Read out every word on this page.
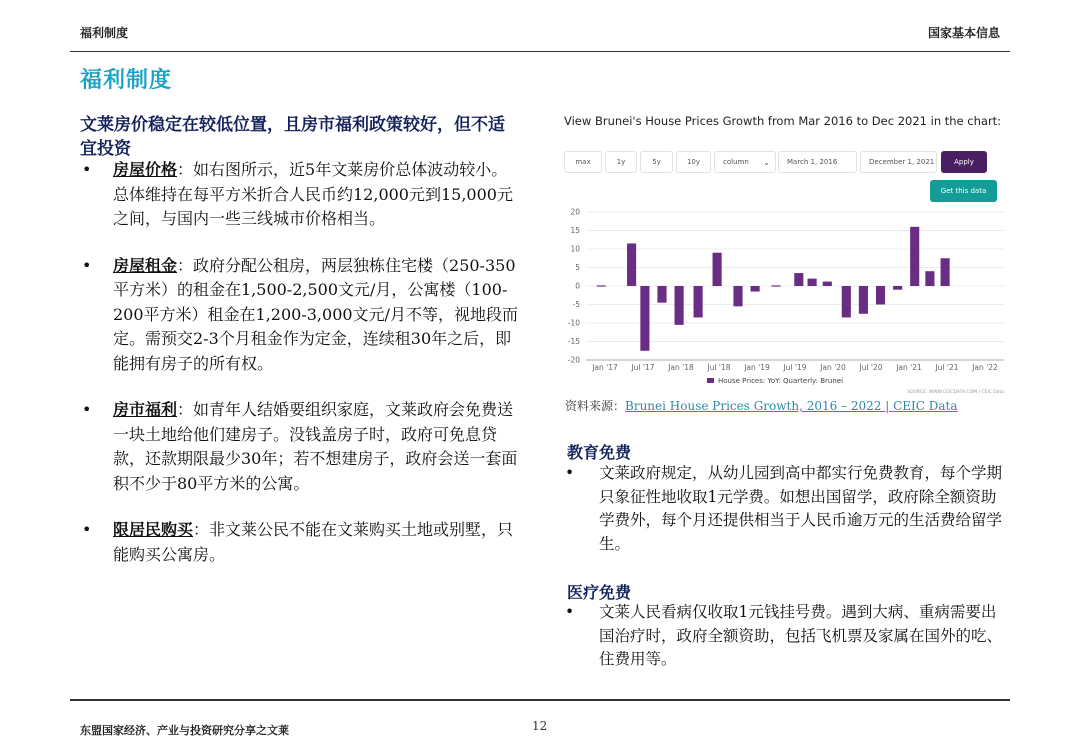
福利制度	国家基本信息
福利制度
文莱房价稳定在较低位置，且房市福利政策较好，但不适宜投资
•	房屋价格：如右图所示，近5年文莱房价总体波动较小。总体维持在每平方米折合人民币约12,000元到15,000元之间，与国内一些三线城市价格相当。
•	房屋租金：政府分配公租房，两层独栋住宅楼（250-350平方米）的租金在1,500-2,500文元/月，公寓楼（100-200平方米）租金在1,200-3,000文元/月不等，视地段而定。需预交2-3个月租金作为定金，连续租30年之后，即能拥有房子的所有权。
•	房市福利：如青年人结婚要组织家庭，文莱政府会免费送一块土地给他们建房子。没钱盖房子时，政府可免息贷款，还款期限最少30年；若不想建房子，政府会送一套面积不少于80平方米的公寓。
•	限居民购买：非文莱公民不能在文莱购买土地或别墅，只能购买公寓房。
View Brunei's House Prices Growth from Mar 2016 to Dec 2021 in the chart:
max	1y	5y	10y	column ⌄	March 1, 2016	December 1, 2021	Apply
Get this data
20
15
10
5
0
-5
-10
-15
-20
Jan '17 Jul '17 Jan '18 Jul '18 Jan '19 Jul '19 Jan '20 Jul '20 Jan '21 Jul '21 Jan '22
House Prices: YoY: Quarterly: Brunei
SOURCE: WWW.CEICDATA.COM | CEIC Data
资料来源：Brunei House Prices Growth, 2016 – 2022 | CEIC Data
教育免费
•	文莱政府规定，从幼儿园到高中都实行免费教育，每个学期只象征性地收取1元学费。如想出国留学，政府除全额资助学费外，每个月还提供相当于人民币逾万元的生活费给留学生。
医疗免费
•	文莱人民看病仅收取1元钱挂号费。遇到大病、重病需要出国治疗时，政府全额资助，包括飞机票及家属在国外的吃、住费用等。
东盟国家经济、产业与投资研究分享之文莱	12
